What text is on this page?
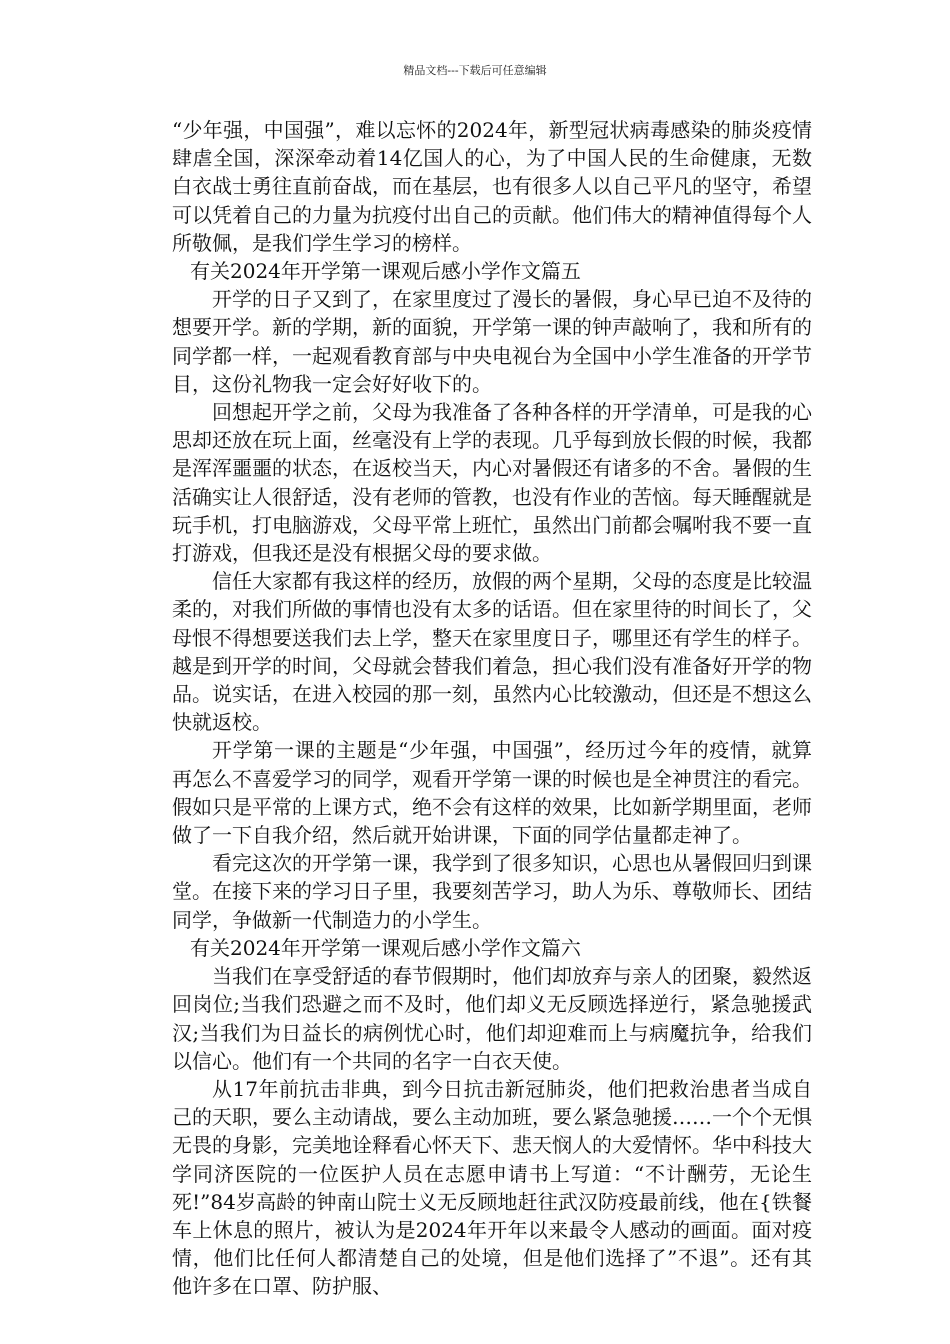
精品文档---下载后可任意编辑

“少年强，中国强”，难以忘怀的2024年，新型冠状病毒感染的肺炎疫情肆虐全国，深深牵动着14亿国人的心，为了中国人民的生命健康，无数白衣战士勇往直前奋战，而在基层，也有很多人以自己平凡的坚守，希望可以凭着自己的力量为抗疫付出自己的贡献。他们伟大的精神值得每个人所敬佩，是我们学生学习的榜样。

有关2024年开学第一课观后感小学作文篇五

开学的日子又到了，在家里度过了漫长的暑假，身心早已迫不及待的想要开学。新的学期，新的面貌，开学第一课的钟声敲响了，我和所有的同学都一样，一起观看教育部与中央电视台为全国中小学生准备的开学节目，这份礼物我一定会好好收下的。

回想起开学之前，父母为我准备了各种各样的开学清单，可是我的心思却还放在玩上面，丝毫没有上学的表现。几乎每到放长假的时候，我都是浑浑噩噩的状态，在返校当天，内心对暑假还有诸多的不舍。暑假的生活确实让人很舒适，没有老师的管教，也没有作业的苦恼。每天睡醒就是玩手机，打电脑游戏，父母平常上班忙，虽然出门前都会嘱咐我不要一直打游戏，但我还是没有根据父母的要求做。

信任大家都有我这样的经历，放假的两个星期，父母的态度是比较温柔的，对我们所做的事情也没有太多的话语。但在家里待的时间长了，父母恨不得想要送我们去上学，整天在家里度日子，哪里还有学生的样子。越是到开学的时间，父母就会替我们着急，担心我们没有准备好开学的物品。说实话，在进入校园的那一刻，虽然内心比较激动，但还是不想这么快就返校。

开学第一课的主题是“少年强，中国强”，经历过今年的疫情，就算再怎么不喜爱学习的同学，观看开学第一课的时候也是全神贯注的看完。假如只是平常的上课方式，绝不会有这样的效果，比如新学期里面，老师做了一下自我介绍，然后就开始讲课，下面的同学估量都走神了。

看完这次的开学第一课，我学到了很多知识，心思也从暑假回归到课堂。在接下来的学习日子里，我要刻苦学习，助人为乐、尊敬师长、团结同学，争做新一代制造力的小学生。

有关2024年开学第一课观后感小学作文篇六

当我们在享受舒适的春节假期时，他们却放弃与亲人的团聚，毅然返回岗位;当我们恐避之而不及时，他们却义无反顾选择逆行，紧急驰援武汉;当我们为日益长的病例忧心时，他们却迎难而上与病魔抗争，给我们以信心。他们有一个共同的名字一白衣天使。

从17年前抗击非典，到今日抗击新冠肺炎，他们把救治患者当成自己的天职，要么主动请战，要么主动加班，要么紧急驰援……一个个无惧无畏的身影，完美地诠释看心怀天下、悲天悯人的大爱情怀。华中科技大学同济医院的一位医护人员在志愿申请书上写道：“不计酬劳，无论生死!”84岁高龄的钟南山院士义无反顾地赶往武汉防疫最前线，他在{铁餐车上休息的照片，被认为是2024年开年以来最令人感动的画面。面对疫情，他们比任何人都清楚自己的处境，但是他们选择了”不退”。还有其他许多在口罩、防护服、
